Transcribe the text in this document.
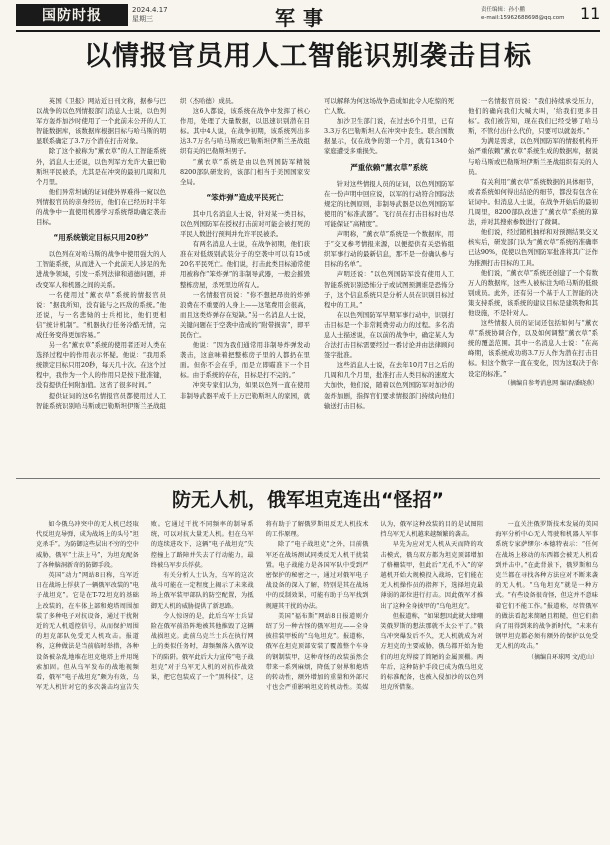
国防时报	2024.4.17
星期三	军事	责任编辑：孙小鹏
e-mail:15962688698@qq.com 11
以情报官员用人工智能识别袭击目标

英国《卫报》网站近日刊文称，据参与巴以战争的以色列情报部门消息人士说，以色列军方轰炸加沙时使用了一个此前未公开的人工智能数据库，该数据库根据目标与哈马斯的明显联系确定了3.7万个潜在打击对象。

除了这个被称为“薰衣草”的人工智能系统外，消息人士还说，以色列军方允许大量巴勒斯坦平民被杀，尤其是在冲突的最初几周和几个月里。

他们异常坦诚的证词使外界难得一窥以色列情报官员的亲身经历，他们在已经历时半年的战争中一直使用机器学习系统帮助确定袭击目标。

“用系统锁定目标只用20秒”

以色列在对哈马斯的战争中使用强大的人工智能系统，从而进入一个此前无人涉足的先进战争领域，引发一系列法律和道德问题，并改变军人和机器之间的关系。

一名使用过“薰衣草”系统的情报官员说：“据我所知，没有能与之匹敌的系统。”他还说，与一名悲恸的士兵相比，他们更相信“统计机制”。“机器执行任务冷酷无情，完成任务变得更加容易。”

另一名“薰衣草”系统的使用者还对人类在选择过程中的作用表示怀疑。他说：“我用系统锁定目标只用20秒，每天几十次。在这个过程中，我作为一个人的作用只是按下批准键，没有提供任何附加值。这省了很多时间。”

提供证词的这6名情报官员都使用过人工智能系统识别哈马斯或巴勒斯坦伊斯兰圣战组织（杰哈德）成员。

这6人都说，该系统在战争中发挥了核心作用，处理了大量数据，以迅速识别潜在目标。其中4人说，在战争初期，该系统列出多达3.7万名与哈马斯或巴勒斯坦伊斯兰圣战组织有关的巴勒斯坦男子。

“薰衣草”系统是由以色列国防军精锐8200部队研发的，该部门相当于美国国家安全局。

“笨炸弹”造成平民死亡

其中几名消息人士说，针对某一类目标，以色列国防军在授权打击前对可能会被打死的平民人数进行预判并允许平民被杀。

有两名消息人士说，在战争初期，他们获准在对低级别武装分子的空袭中可以有15或20名平民死亡。他们说，打击此类目标通常使用被称作“笨炸弹”的非制导武器，一般会摧毁整栋房屋，杀死里边所有人。

一名情报官员说：“你不想把昂贵的炸弹浪费在不重要的人身上——这笔费用会很高，而且这类炸弹存在短缺。”另一名消息人士说，关键问题在于空袭中造成的“附带损害”，即平民伤亡。

他说：“因为我们通常用非制导炸弹发动袭击，这意味着把整栋房子里的人都扔在里面。但你不会在乎，而是立即瞄准下一个目标。由于系统的存在，目标是打不完的。”

冲突专家们认为，如果以色列一直在使用非制导武器平成千上万巴勒斯坦人的家园，就可以解释为何这场战争造成如此令人吃惊的死亡人数。

加沙卫生部门说，在过去6个月里，已有3.3万名巴勒斯坦人在冲突中丧生。联合国数据显示，仅在战争的第一个月，就有1340个家庭遭受多重损失。

严重依赖“薰衣草”系统

针对这些情报人员的证词，以色列国防军在一份声明中回应说，以军的行动符合国际法规定的比例原则，非制导武器是以色列国防军使用的“标准武器”。飞行员在打击目标时也尽可能保证“高精度”。

声明称，“薰衣草”系统是一个数据库，用于“交叉参考情报来源，以便提供有关恐怖组织军事行动的最新信息，那不是一份确认参与目标的名单”。

声明还说：“以色列国防军没有使用人工智能系统识别恐怖分子或试图预测谁是恐怖分子，这个信息系统只是分析人员在识别目标过程中的工具。”

在以色列国防军早期军事行动中，识别打击目标是一个非常耗费劳动力的过程。多名消息人士描述说，在以前的战争中，确定某人为合法打击目标需要经过一番讨论并由法律顾问签字批准。

这些消息人士说，在去年10月7日之后的几周和几个月里，批准打击人类目标的速度大大加快，他们说，随着以色列国防军对加沙的轰炸加剧，指挥官们要求情报部门持续向他们输送打击目标。

一名情报官员说：“我们持续承受压力，他们的确向我们大喊大叫，‘给我们更多目标’。我们被告知，现在我们已经受够了哈马斯，不管付出什么代价，只要可以就轰炸。”

为满足需求，以色列国防军的情报机构开始严重依赖“薰衣草”系统生成的数据库，据说与哈马斯或巴勒斯坦伊斯兰圣战组织有关的人员。

有关利用“薰衣草”系统数据的具体细节，或者系统如何得出结论的细节，都没有包含在证词中。但消息人士说，在战争开始后的最初几周里，8200部队改进了“薰衣草”系统的算法，并对其搜索参数进行了微调。

他们说，经过随机抽样和对预测结果交叉核实后，研发部门认为“薰衣草”系统的准确率已达90%，促使以色列国防军批准将其广泛作为推测打击目标的工具。

他们说，“薰衣草”系统还创建了一个有数万人的数据库，这些人被标注为哈马斯的低级别成员。此外，还有另一个基于人工智能的决策支持系统，该系统的建议目标是建筑物和其他设施，不是针对人。

这些情报人员的证词还包括如何与“薰衣草”系统协调合作，以及如何调整“薰衣草”系统的覆盖范围。其中一名消息人士说：“在高峰期，该系统成功将3.7万人作为潜在打击目标。但这个数字一直在变化，因为这取决于你设定的标准。”

（摘编自参考消息网 编译/潘晓燕）

防无人机，俄军坦克连出“怪招”

如今俄乌冲突中的无人机已经取代反坦克导弹，成为战场上的头号“坦克杀手”。为防御这些层出不穷的空中威胁，俄军“土法上马”，为坦克配备了各种脑洞新奇的防御手段。

英国“动力”网站8日称，乌军近日在战场上俘获了一辆俄军改装的“电子战坦克”。它是在T-72坦克的基础上改装的，在车体上部和炮塔周围加装了多种电子对抗设备，通过干扰附近的无人机遥控信号，从而保护周围的坦克部队免受无人机攻击。报道称，这种做法是当前临时举措，各种设备被杂乱地堆在坦克炮塔上并用绳索加固。但从乌军发布的战地视频看，俄军“电子战坦克”颇为有效，乌军无人机针对它的多次袭击均宣告失败。它通过干扰不同频率的制导系统，可以对抗大量无人机。但在乌军的连续进攻下，这辆“电子战坦克”失控撞上了路障并失去了行动能力，最终被乌军步兵俘获。

有关分析人士认为，乌军的这次战斗可能在一定程度上揭示了未来战场上俄军装甲部队的防空配置，为抵御无人机的威胁提供了新思路。

令人惊讶的是，此后乌军士兵冒险在俄军前沿阵地被其他推毁了这辆战损坦克。此前乌克兰士兵在执行网上的类似任务时，却频频落入俄军设下的陷阱。俄军此后大力宣传“电子战坦克”对于乌军无人机的对抗作战效果，把它包装成了一个“黑科技”，这将有助于了解俄罗斯用反无人机技术的工作原理。

除了“电子战坦克”之外，目前俄军还在战场测试同类反无人机干扰装置。电子战能力是各国军队中受到严密保护的秘密之一，通过对俄军电子战设备的深入了解，特别是其在战场中的反制效果，可能有助于乌军找到规避其干扰的办法。

美国“福布斯”网站8日报道则介绍了另一种古怪的俄军坦克——全身披挂装甲板的“乌龟坦克”。报道称，俄军在坦克顶部安装了覆盖整个车身的钢制装甲，这种奇怪的改装虽然会带来一系列麻烦，降低了射界和炮塔的转动性，额外增加的重量和外部尺寸也会严重影响坦克的机动性。美媒认为，俄军这种改装的目的是试图阻挡乌军无人机越来越频繁的袭击。

早先为应对无人机从天而降的攻击模式，俄乌双方都为坦克顶部增加了格栅装甲，但此后“无孔不入”的穿越机开始大规模投入战场，它们能在无人机操作员的指挥下，选择坦克最薄弱的部位进行打击。因此俄军才推出了这种全身披甲的“乌龟坦克”。

但报道称，“如果想因此就大肆嘲笑俄罗斯的想法那就不太公平了。”俄乌冲突爆发后不久，无人机就成为对方坦克的主要威胁，俄乌都开始为他们的坦克焊接了简陋的金属顶棚。两年后，这种防护手段已成为俄乌坦克的标准配备，也被入侵加沙的以色列坦克所借鉴。

一直关注俄罗斯技术发展的美国海军分析中心无人驾驶和机器人军事系统专家萨缪尔·本德特表示：“任何在战场上移动的东西都会被无人机看到并击中。”在此背景下，俄罗斯和乌克兰都在寻找各种方法应对不断来袭的无人机。“乌龟坦克”就是一种方式。“有些设备很奇怪，但这并不意味着它们不能工作。”报道称，尽管俄军的做法看起来简陋且粗糙，但它们指向了用得到来的战争新时代，“未来有钢甲坦克都必须有额外的保护以免受无人机的攻击。”

（摘编自环球网 文/范山）
